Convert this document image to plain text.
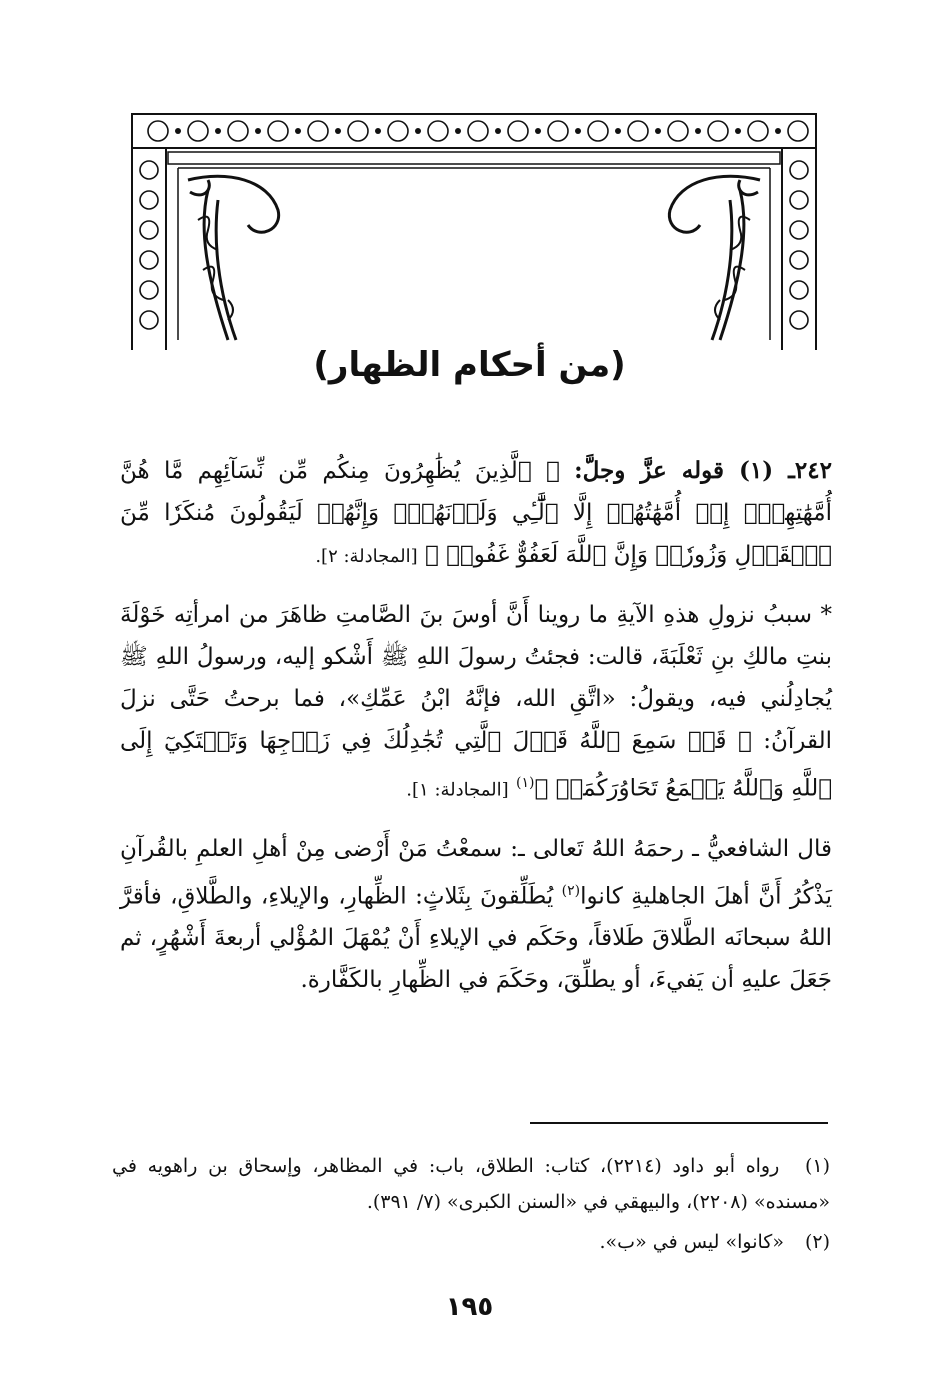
(من أحكام الظهار)

٢٤٢ـ (١) قوله عزَّ وجلَّ: ﴿ ٱلَّذِينَ يُظَٰهِرُونَ مِنكُم مِّن نِّسَآئِهِم مَّا هُنَّ أُمَّهَٰتِهِمۡۖ إِنۡ أُمَّهَٰتُهُمۡ إِلَّا ٱلَّٰٓـِٔي وَلَدۡنَهُمۡۚ وَإِنَّهُمۡ لَيَقُولُونَ مُنكَرٗا مِّنَ ٱلۡقَوۡلِ وَزُورٗاۚ وَإِنَّ ٱللَّهَ لَعَفُوٌّ غَفُورٞ ﴾ [المجادلة: ٢].

* سببُ نزولِ هذهِ الآيةِ ما روينا أَنَّ أوسَ بنَ الصَّامتِ ظاهَرَ من امرأتِه خَوْلَةَ بنتِ مالكِ بنِ ثَعْلَبَةَ، قالت: فجئتُ رسولَ اللهِ ﷺ أَشْكو إليه، ورسولُ اللهِ ﷺ يُجادِلُني فيه، ويقولُ: «اتَّقِ الله، فإنَّهُ ابْنُ عَمِّكِ»، فما برحتُ حَتَّى نزلَ القرآنُ: ﴿ قَدۡ سَمِعَ ٱللَّهُ قَوۡلَ ٱلَّتِي تُجَٰدِلُكَ فِي زَوۡجِهَا وَتَشۡتَكِيٓ إِلَى ٱللَّهِ وَٱللَّهُ يَسۡمَعُ تَحَاوُرَكُمَآۚ ﴾$^{(١)}$ [المجادلة: ١].

قال الشافعيُّ ـ رحمَهُ اللهُ تَعالى ـ: سمعْتُ مَنْ أَرْضى مِنْ أهلِ العلمِ بالقُرآنِ يَذْكُرُ أَنَّ أهلَ الجاهليةِ كانوا$^{(٢)}$ يُطَلِّقونَ بِثَلاثٍ: الظِّهارِ، والإيلاءِ، والطَّلاقِ، فأقرَّ اللهُ سبحانَه الطَّلاقَ طَلاقاً، وحَكَم في الإيلاءِ أَنْ يُمْهَلَ المُؤْلي أربعةَ أَشْهُرٍ، ثم جَعَلَ عليهِ أن يَفيءَ، أو يطلِّقَ، وحَكَمَ في الظِّهارِ بالكَفَّارة.

(١) رواه أبو داود (٢٢١٤)، كتاب: الطلاق، باب: في المظاهر، وإسحاق بن راهويه في «مسنده» (٢٢٠٨)، والبيهقي في «السنن الكبرى» (٧/ ٣٩١).

(٢) «كانوا» ليس في «ب».

١٩٥
